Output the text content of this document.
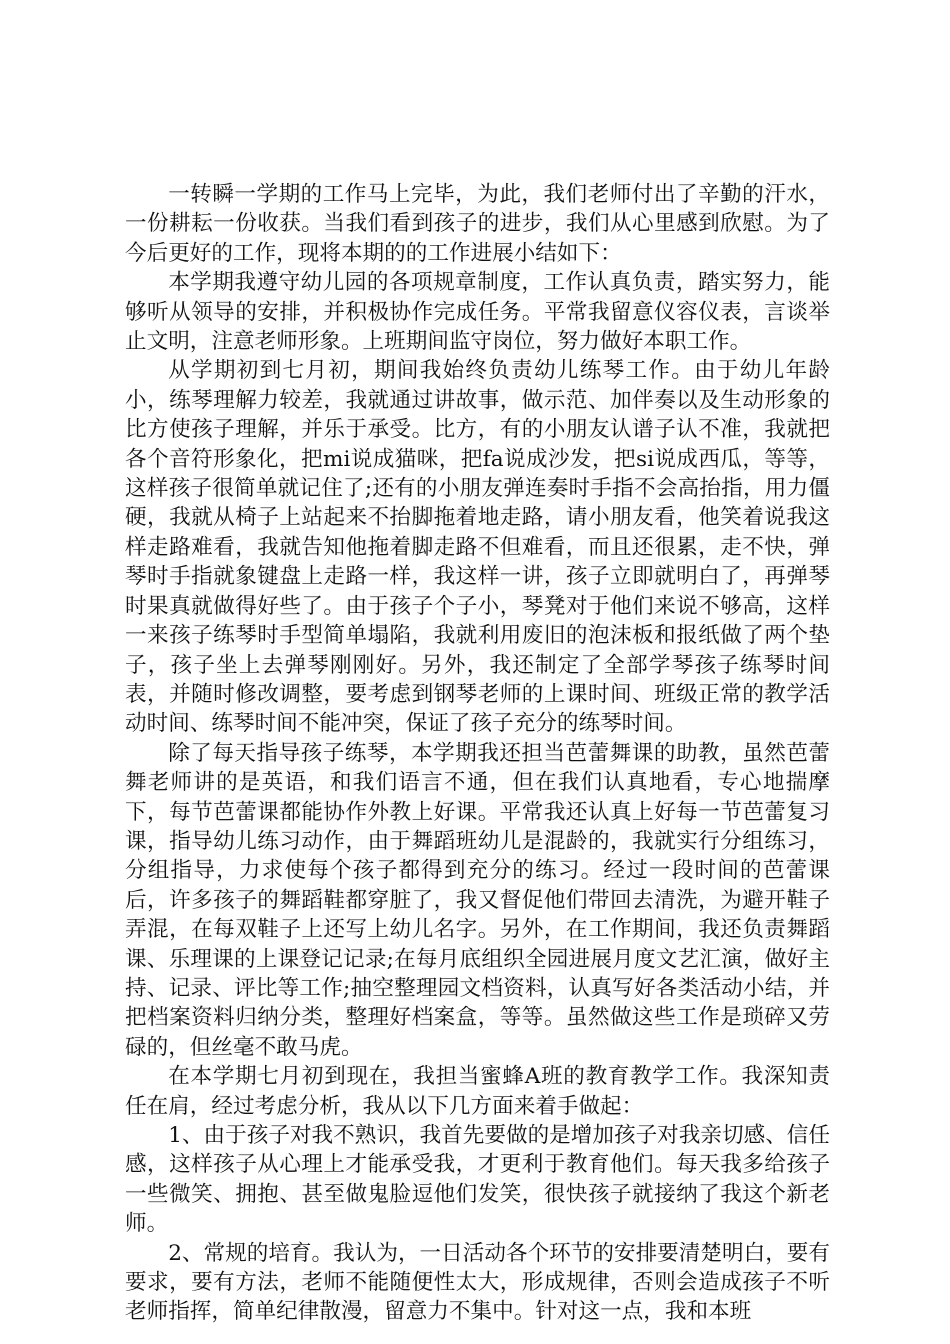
一转瞬一学期的工作马上完毕，为此，我们老师付出了辛勤的汗水，一份耕耘一份收获。当我们看到孩子的进步，我们从心里感到欣慰。为了今后更好的工作，现将本期的的工作进展小结如下：

本学期我遵守幼儿园的各项规章制度，工作认真负责，踏实努力，能够听从领导的安排，并积极协作完成任务。平常我留意仪容仪表，言谈举止文明，注意老师形象。上班期间监守岗位，努力做好本职工作。

从学期初到七月初，期间我始终负责幼儿练琴工作。由于幼儿年龄小，练琴理解力较差，我就通过讲故事，做示范、加伴奏以及生动形象的比方使孩子理解，并乐于承受。比方，有的小朋友认谱子认不准，我就把各个音符形象化，把mi说成猫咪，把fa说成沙发，把si说成西瓜，等等，这样孩子很简单就记住了;还有的小朋友弹连奏时手指不会高抬指，用力僵硬，我就从椅子上站起来不抬脚拖着地走路，请小朋友看，他笑着说我这样走路难看，我就告知他拖着脚走路不但难看，而且还很累，走不快，弹琴时手指就象键盘上走路一样，我这样一讲，孩子立即就明白了，再弹琴时果真就做得好些了。由于孩子个子小，琴凳对于他们来说不够高，这样一来孩子练琴时手型简单塌陷，我就利用废旧的泡沫板和报纸做了两个垫子，孩子坐上去弹琴刚刚好。另外，我还制定了全部学琴孩子练琴时间表，并随时修改调整，要考虑到钢琴老师的上课时间、班级正常的教学活动时间、练琴时间不能冲突，保证了孩子充分的练琴时间。

除了每天指导孩子练琴，本学期我还担当芭蕾舞课的助教，虽然芭蕾舞老师讲的是英语，和我们语言不通，但在我们认真地看，专心地揣摩下，每节芭蕾课都能协作外教上好课。平常我还认真上好每一节芭蕾复习课，指导幼儿练习动作，由于舞蹈班幼儿是混龄的，我就实行分组练习，分组指导，力求使每个孩子都得到充分的练习。经过一段时间的芭蕾课后，许多孩子的舞蹈鞋都穿脏了，我又督促他们带回去清洗，为避开鞋子弄混，在每双鞋子上还写上幼儿名字。另外，在工作期间，我还负责舞蹈课、乐理课的上课登记记录;在每月底组织全园进展月度文艺汇演，做好主持、记录、评比等工作;抽空整理园文档资料，认真写好各类活动小结，并把档案资料归纳分类，整理好档案盒，等等。虽然做这些工作是琐碎又劳碌的，但丝毫不敢马虎。

在本学期七月初到现在，我担当蜜蜂A班的教育教学工作。我深知责任在肩，经过考虑分析，我从以下几方面来着手做起：

1、由于孩子对我不熟识，我首先要做的是增加孩子对我亲切感、信任感，这样孩子从心理上才能承受我，才更利于教育他们。每天我多给孩子一些微笑、拥抱、甚至做鬼脸逗他们发笑，很快孩子就接纳了我这个新老师。

2、常规的培育。我认为，一日活动各个环节的安排要清楚明白，要有要求，要有方法，老师不能随便性太大，形成规律，否则会造成孩子不听老师指挥，简单纪律散漫，留意力不集中。针对这一点，我和本班
